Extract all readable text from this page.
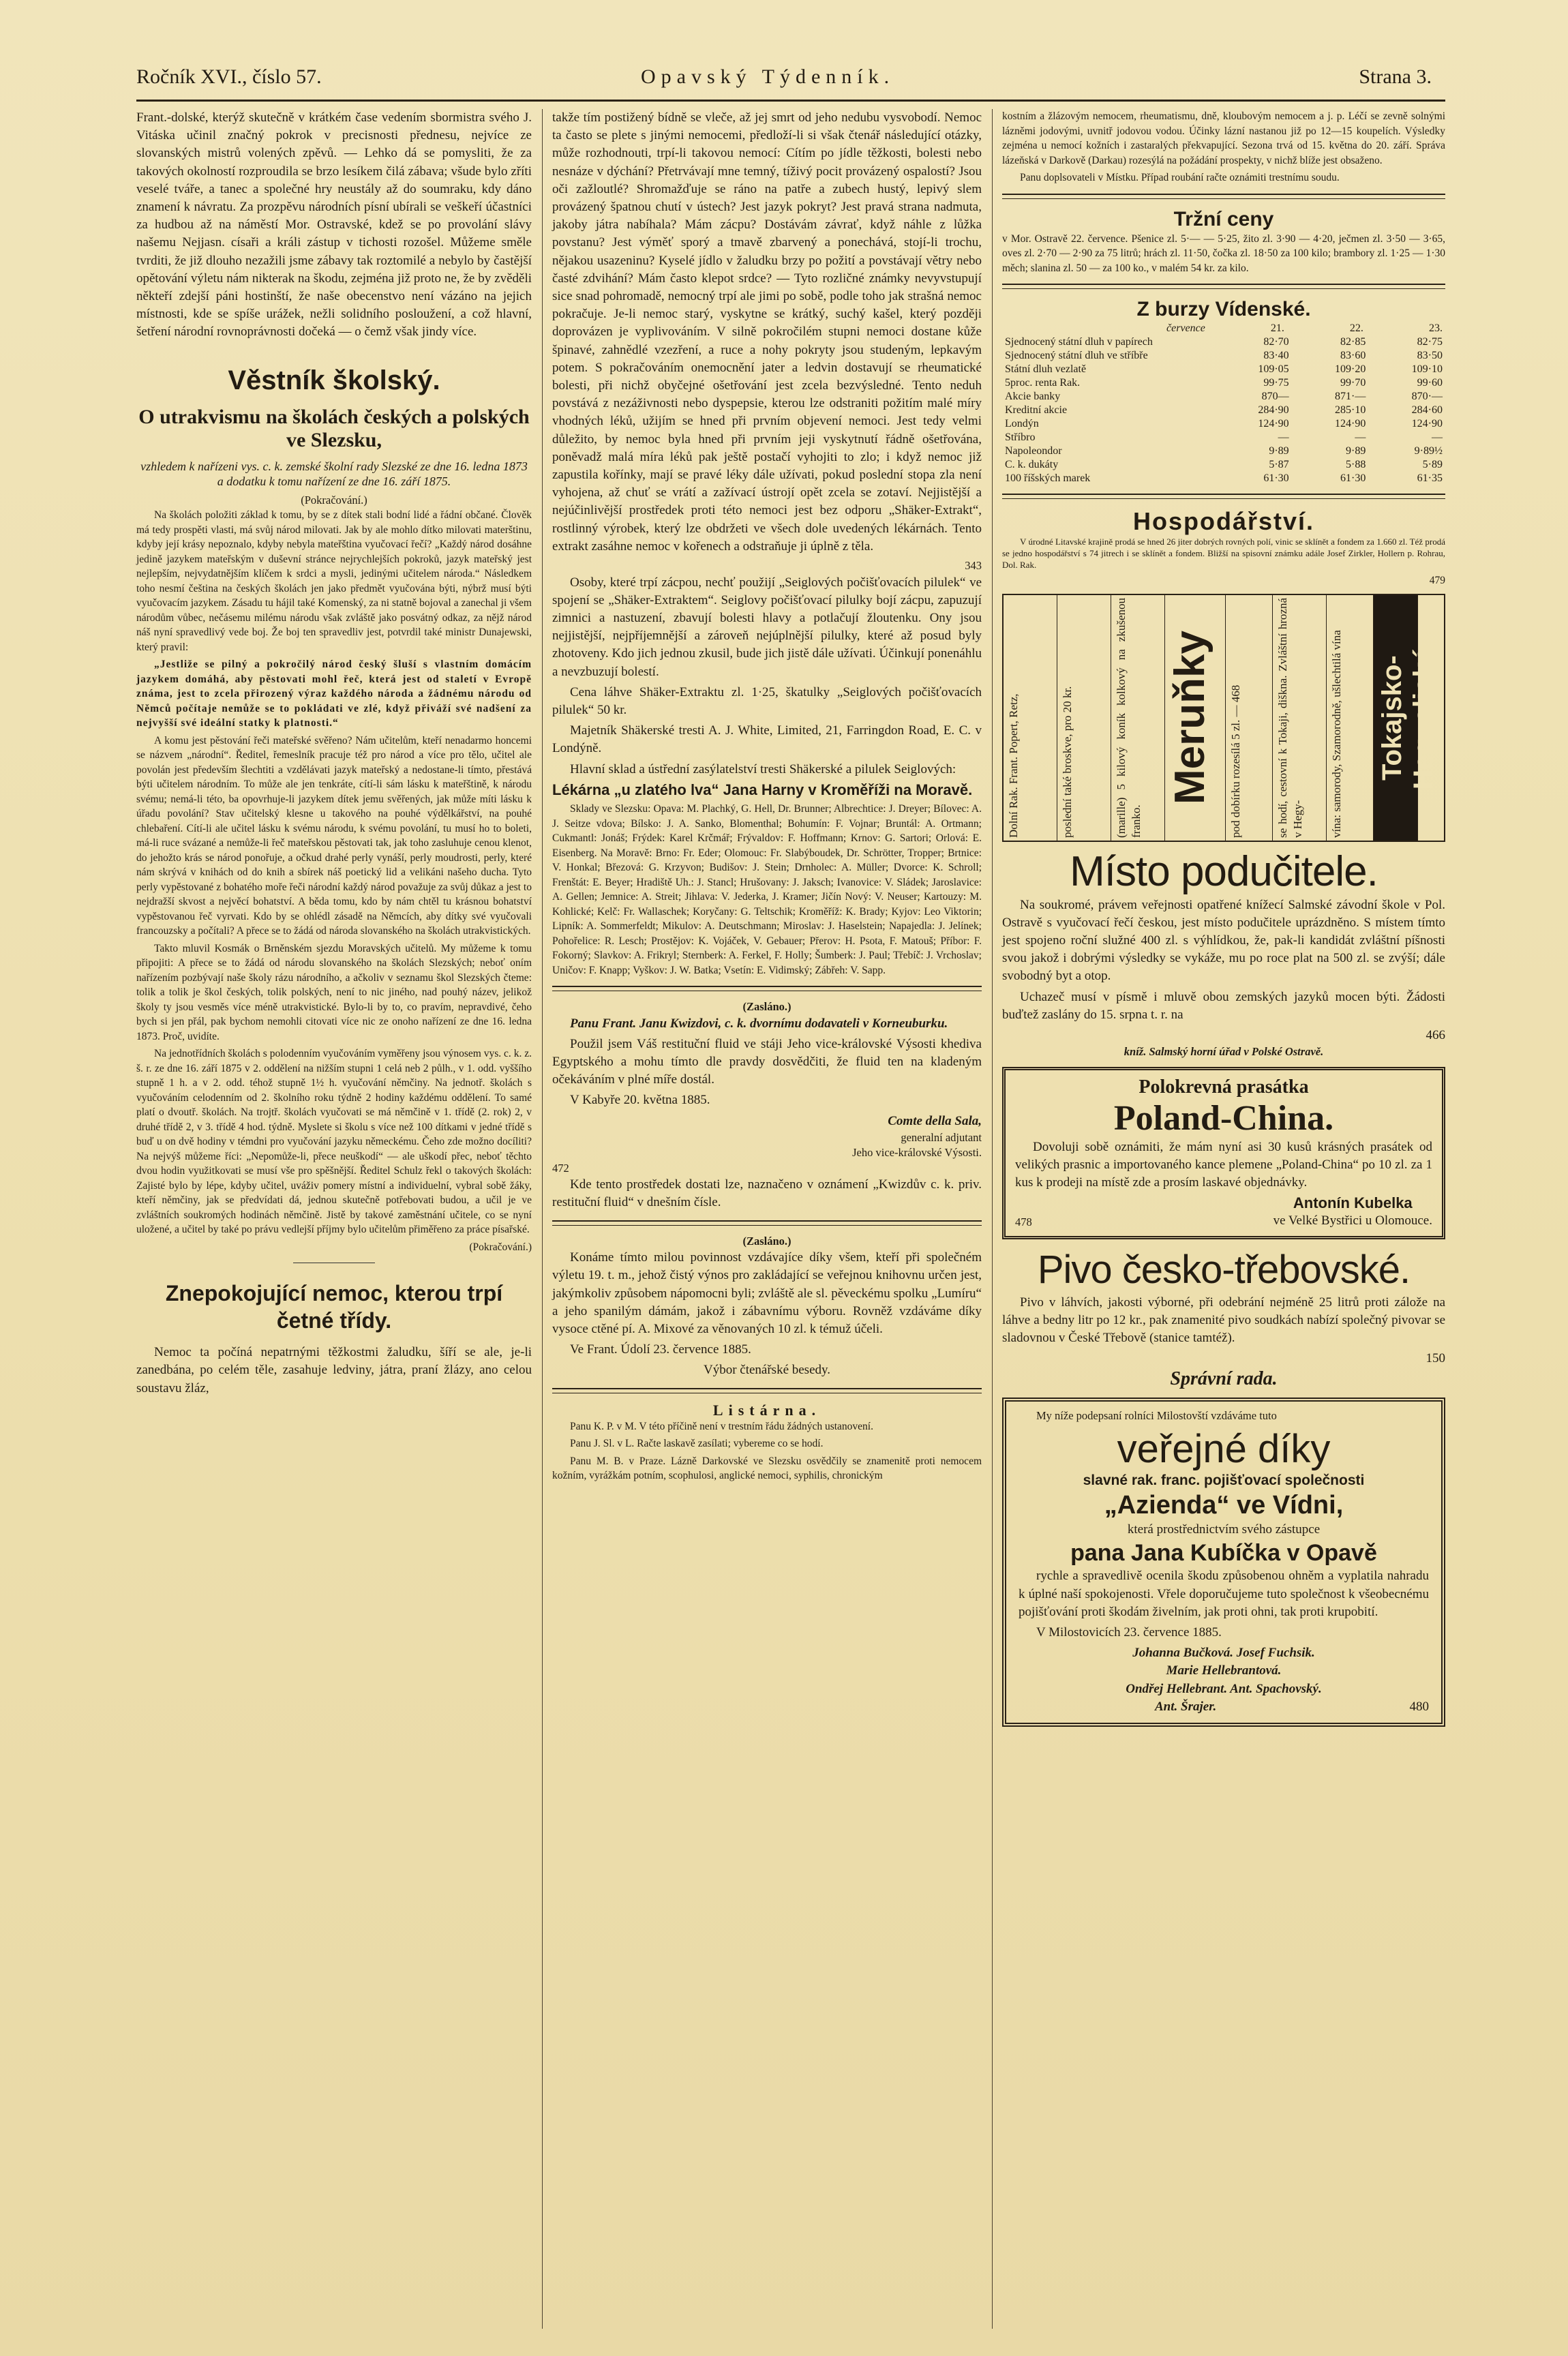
Ročník XVI., číslo 57.	Opavský Týdenník.	Strana 3.

Frant.-dolské, kterýž skutečně v krátkém čase vedením sbormistra svého J. Vitáska učinil značný pokrok v precisnosti přednesu, nejvíce ze slovanských mistrů volených zpěvů. — Lehko dá se pomysliti, že za takových okolností rozproudila se brzo lesíkem čilá zábava; všude bylo zříti veselé tváře, a tanec a společné hry neustály až do soumraku, kdy dáno znamení k návratu. Za prozpěvu národních písní ubírali se veškeří účastníci za hudbou až na náměstí Mor. Ostravské, kdež se po provolání slávy našemu Nejjasn. císaři a králi zástup v tichosti rozošel. Můžeme směle tvrditi, že již dlouho nezažili jsme zábavy tak roztomilé a nebylo by častější opětování výletu nám nikterak na škodu, zejména již proto ne, že by zvěděli někteří zdejší páni hostinští, že naše obecenstvo není vázáno na jejich místnosti, kde se spíše urážek, nežli solidního posloužení, a což hlavní, šetření národní rovnoprávnosti dočeká — o čemž však jindy více.

Věstník školský.
O utrakvismu na školách českých a polských ve Slezsku,
vzhledem k nařízeni vys. c. k. zemské školní rady Slezské ze dne 16. ledna 1873 a dodatku k tomu nařízení ze dne 16. září 1875.
(Pokračování.)

Na školách položiti základ k tomu, by se z dítek stali bodní lidé a řádní občané. Člověk má tedy prospěti vlasti, má svůj národ milovati. Jak by ale mohlo dítko milovati materštinu, kdyby její krásy nepoznalo, kdyby nebyla mateřština vyučovací řečí? „Každý národ dosáhne jedině jazykem mateřským v duševní stránce nejrychlejších pokroků, jazyk mateřský jest nejlepším, nejvydatnějším klíčem k srdci a mysli, jedinými učitelem národa.“ Následkem toho nesmí čeština na českých školách jen jako předmět vyučována býti, nýbrž musí býti vyučovacím jazykem. Zásadu tu hájil také Komenský, za ni statně bojoval a zanechal ji všem národům vůbec, nečásemu milému národu však zvláště jako posvátný odkaz, za nějž národ náš nyní spravedlivý vede boj. Že boj ten spravedliv jest, potvrdil také ministr Dunajewski, který pravil:

„Jestliže se pilný a pokročilý národ český šluší s vlastním domácím jazykem domáhá, aby pěstovati mohl řeč, která jest od staletí v Evropě známa, jest to zcela přirozený výraz každého národa a žádnému národu od Němců počítaje nemůže se to pokládati ve zlé, když přiváží své nadšení za nejvyšší své ideální statky k platnosti.“

A komu jest pěstování řeči mateřské svěřeno? Nám učitelům, kteří nenadarmo honcemi se názvem „národní“. Ředitel, řemeslník pracuje též pro národ a více pro tělo, učitel ale povolán jest především šlechtiti a vzdělávati jazyk mateřský a nedostane-li tímto, přestává býti učitelem národním. To může ale jen tenkráte, cítí-li sám lásku k mateřštině, k národu svému; nemá-li této, ba opovrhuje-li jazykem dítek jemu svěřených, jak může míti lásku k úřadu povolání? Stav učitelský klesne u takového na pouhé výdělkářství, na pouhé chlebaření. Cítí-li ale učitel lásku k svému národu, k svému povolání, tu musí ho to boleti, má-li ruce svázané a nemůže-li řeč mateřskou pěstovati tak, jak toho zasluhuje cenou klenot, do jehožto krás se národ ponořuje, a očkud drahé perly vynáší, perly moudrosti, perly, které nám skrývá v knihách od do knih a sbírek náš poetický lid a velikáni našeho ducha. Tyto perly vypěstované z bohatého moře řeči národní každý národ považuje za svůj důkaz a jest to nejdražší skvost a nejvěcí bohatství. A běda tomu, kdo by nám chtěl tu krásnou bohatství vypěstovanou řeč vyrvati. Kdo by se ohlédl zásadě na Němcích, aby dítky své vyučovali francouzsky a počítali? A přece se to žádá od národa slovanského na školách utrakvistických.

Takto mluvil Kosmák o Brněnském sjezdu Moravských učitelů. My můžeme k tomu připojiti: A přece se to žádá od národu slovanského na školách Slezských; neboť oním nařízením pozbývají naše školy rázu národního, a ačkoliv v seznamu škol Slezských čteme: tolik a tolik je škol českých, tolik polských, není to nic jiného, nad pouhý název, jelikož školy ty jsou vesměs více méně utrakvistické. Bylo-li by to, co pravím, nepravdivé, čeho bych si jen přál, pak bychom nemohli citovati více nic ze onoho nařízení ze dne 16. ledna 1873. Proč, uvidíte.

Na jednotřídních školách s polodenním vyučováním vyměřeny jsou výnosem vys. c. k. z. š. r. ze dne 16. září 1875 v 2. oddělení na nižším stupni 1 celá neb 2 půlh., v 1. odd. vyššího stupně 1 h. a v 2. odd. téhož stupně 1½ h. vyučování němčiny. Na jednotř. školách s vyučováním celodenním od 2. školního roku týdně 2 hodiny každému oddělení. To samé platí o dvoutř. školách. Na trojtř. školách vyučovati se má němčině v 1. třídě (2. rok) 2, v druhé třídě 2, v 3. třídě 4 hod. týdně. Myslete si školu s více než 100 dítkami v jedné třídě s buď u on dvě hodiny v témdni pro vyučování jazyku německému. Čeho zde možno docíliti? Na nejvýš můžeme říci: „Nepomůže-li, přece neuškodí“ — ale uškodí přec, neboť těchto dvou hodin využitkovati se musí vše pro spěšnější. Ředitel Schulz řekl o takových školách: Zajisté bylo by lépe, kdyby učitel, uváživ pomery místní a individuelní, vybral sobě žáky, kteří němčiny, jak se předvídati dá, jednou skutečně potřebovati budou, a učil je ve zvláštních soukromých hodinách němčině. Jistě by takové zaměstnání učitele, co se nyní uložené, a učitel by také po právu vedlejší příjmy bylo učitelům přiměřeno za práce písařské.

(Pokračování.)
Znepokojující nemoc, kterou trpí četné třídy.

Nemoc ta počíná nepatrnými těžkostmi žaludku, šíří se ale, je-li zanedbána, po celém těle, zasahuje ledviny, játra, praní žlázy, ano celou soustavu žláz,

takže tím postižený bídně se vleče, až jej smrt od jeho nedubu vysvobodí. Nemoc ta často se plete s jinými nemocemi, předloží-li si však čtenář následující otázky, může rozhodnouti, trpí-li takovou nemocí: Cítím po jídle těžkosti, bolesti nebo nesnáze v dýchání? Přetrvávají mne temný, tíživý pocit provázený ospalostí? Jsou oči zažloutlé? Shromažďuje se ráno na patře a zubech hustý, lepivý slem provázený špatnou chutí v ústech? Jest jazyk pokryt? Jest pravá strana nadmuta, jakoby játra nabíhala? Mám zácpu? Dostávám závrať, když náhle z lůžka povstanu? Jest výměť sporý a tmavě zbarvený a ponechává, stojí-li trochu, nějakou usazeninu? Kyselé jídlo v žaludku brzy po požití a povstávají větry nebo časté zdvihání? Mám často klepot srdce? — Tyto rozličné známky nevyvstupují sice snad pohromadě, nemocný trpí ale jimi po sobě, podle toho jak strašná nemoc pokračuje. Je-li nemoc starý, vyskytne se krátký, suchý kašel, který později doprovázen je vyplivováním. V silně pokročilém stupni nemoci dostane kůže špinavé, zahnědlé vzezření, a ruce a nohy pokryty jsou studeným, lepkavým potem. S pokračováním onemocnění jater a ledvin dostavují se rheumatické bolesti, při nichž obyčejné ošetřování jest zcela bezvýsledné. Tento neduh povstává z nezáživnosti nebo dyspepsie, kterou lze odstraniti požitím malé míry vhodných léků, užijím se hned při prvním objevení nemoci. Jest tedy velmi důležito, by nemoc byla hned při prvním jeji vyskytnutí řádně ošetřována, poněvadž malá míra léků pak ještě postačí vyhojiti to zlo; i když nemoc již zapustila kořínky, mají se pravé léky dále užívati, pokud poslední stopa zla není vyhojena, až chuť se vrátí a zažívací ústrojí opět zcela se zotaví. Nejjistější a nejúčinlivější prostředek proti této nemoci jest bez odporu „Shäker-Extrakt“, rostlinný výrobek, který lze obdržeti ve všech dole uvedených lékárnách. Tento extrakt zasáhne nemoc v kořenech a odstraňuje ji úplně z těla.

343

Osoby, které trpí zácpou, nechť použijí „Seiglových počišťovacích pilulek“ ve spojení se „Shäker-Extraktem“. Seiglovy počišťovací pilulky bojí zácpu, zapuzují zimnici a nastuzení, zbavují bolesti hlavy a potlačují žloutenku. Ony jsou nejjistější, nejpříjemnější a zároveň nejúplnější pilulky, které až posud byly zhotoveny. Kdo jich jednou zkusil, bude jich jistě dále užívati. Účinkují ponenáhlu a nevzbuzují bolestí.

Cena láhve Shäker-Extraktu zl. 1·25, škatulky „Seiglových počišťovacích pilulek“ 50 kr.

Majetník Shäkerské tresti A. J. White, Limited, 21, Farringdon Road, E. C. v Londýně.

Hlavní sklad a ústřední zasýlatelství tresti Shäkerské a pilulek Seiglových:

Lékárna „u zlatého lva“ Jana Harny v Kroměříži na Moravě.

Sklady ve Slezsku: Opava: M. Plachký, G. Hell, Dr. Brunner; Albrechtice: J. Dreyer; Bílovec: A. J. Seitze vdova; Bílsko: J. A. Sanko, Blomenthal; Bohumín: F. Vojnar; Bruntál: A. Ortmann; Cukmantl: Jonáš; Frýdek: Karel Krčmář; Frývaldov: F. Hoffmann; Krnov: G. Sartori; Orlová: E. Eisenberg. Na Moravě: Brno: Fr. Eder; Olomouc: Fr. Slabýboudek, Dr. Schrötter, Tropper; Brtnice: V. Honkal; Březová: G. Krzyvon; Budišov: J. Stein; Drnholec: A. Müller; Dvorce: K. Schroll; Frenštát: E. Beyer; Hradiště Uh.: J. Stancl; Hrušovany: J. Jaksch; Ivanovice: V. Sládek; Jaroslavice: A. Gellen; Jemnice: A. Streit; Jihlava: V. Jederka, J. Kramer; Jičín Nový: V. Neuser; Kartouzy: M. Kohlické; Kelč: Fr. Wallaschek; Koryčany: G. Teltschik; Kroměříž: K. Brady; Kyjov: Leo Viktorin; Lipník: A. Sommerfeldt; Mikulov: A. Deutschmann; Miroslav: J. Haselstein; Napajedla: J. Jelínek; Pohořelice: R. Lesch; Prostějov: K. Vojáček, V. Gebauer; Přerov: H. Psota, F. Matouš; Příbor: F. Fokorný; Slavkov: A. Frikryl; Sternberk: A. Ferkel, F. Holly; Šumberk: J. Paul; Třebíč: J. Vrchoslav; Uničov: F. Knapp; Vyškov: J. W. Batka; Vsetín: E. Vidimský; Zábřeh: V. Sapp.

(Zasláno.)

Panu Frant. Janu Kwizdovi, c. k. dvornímu dodavateli v Korneuburku.

Použil jsem Váš restituční fluid ve stáji Jeho vice-královské Výsosti khediva Egyptského a mohu tímto dle pravdy dosvědčiti, že fluid ten na kladeným očekáváním v plné míře dostál.

V Kabyře 20. května 1885.

Comte della Sala,
generalní adjutant
Jeho vice-královské Výsosti.
472

Kde tento prostředek dostati lze, naznačeno v oznámení „Kwizdův c. k. priv. restituční fluid“ v dnešním čísle.

(Zasláno.)

Konáme tímto milou povinnost vzdávajíce díky všem, kteří při společném výletu 19. t. m., jehož čistý výnos pro zakládající se veřejnou knihovnu určen jest, jakýmkoliv způsobem nápomocni byli; zvláště ale sl. pěveckému spolku „Lumíru“ a jeho spanilým dámám, jakož i zábavnímu výboru. Rovněž vzdáváme díky vysoce ctěné pí. A. Mixové za věnovaných 10 zl. k témuž účeli.

Ve Frant. Údolí 23. července 1885.

Výbor čtenářské besedy.
Listárna.

Panu K. P. v M. V této příčině není v trestním řádu žádných ustanovení.

Panu J. Sl. v L. Račte laskavě zasílati; vybereme co se hodí.

Panu M. B. v Praze. Lázně Darkovské ve Slezsku osvědčily se znamenitě proti nemocem kožním, vyrážkám potním, scophulosi, anglické nemoci, syphilis, chronickým

kostním a žlázovým nemocem, rheumatismu, dně, kloubovým nemocem a j. p. Léčí se zevně solnými lázněmi jodovými, uvnitř jodovou vodou. Účinky lázní nastanou již po 12—15 koupelích. Výsledky zejména u nemocí kožních i zastaralých překvapující. Sezona trvá od 15. května do 20. září. Správa lázeňská v Darkově (Darkau) rozesýlá na požádání prospekty, v nichž blíže jest obsaženo.

Panu doplsovateli v Místku. Případ roubání račte oznámiti trestnímu soudu.

Tržní ceny

v Mor. Ostravě 22. července. Pšenice zl. 5·— — 5·25, žito zl. 3·90 — 4·20, ječmen zl. 3·50 — 3·65, oves zl. 2·70 — 2·90 za 75 litrů; hrách zl. 11·50, čočka zl. 18·50 za 100 kilo; brambory zl. 1·25 — 1·30 měch; slanina zl. 50 — za 100 ko., v malém 54 kr. za kilo.

Z burzy Vídenské.
	července	21.	22.	23.
Sjednocený státní dluh v papírech	82·70	82·85	82·75
Sjednocený státní dluh ve stříbře	83·40	83·60	83·50
Státní dluh vezlatě	109·05	109·20	109·10
5proc. renta Rak.	99·75	99·70	99·60
Akcie banky	870—	871·—	870·—
Kreditní akcie	284·90	285·10	284·60
Londýn	124·90	124·90	124·90
Stříbro	—	—	—
Napoleondor	9·89	9·89	9·89½
C. k. dukáty	5·87	5·88	5·89
100 říšských marek	61·30	61·30	61·35
Hospodářství.

V úrodné Litavské krajině prodá se hned 26 jiter dobrých rovných polí, vinic se sklínět a fondem za 1.660 zl. Též prodá se jedno hospodářství s 74 jitrech i se sklínět a fondem. Bližší na spisovní známku adále Josef Zirkler, Hollern p. Rohrau, Dol. Rak.

479
Dolní Rak. Frant. Popert, Retz,	poslední také broskve, pro 20 kr.	(marille) 5 kilový koník kolkový na zkušenou franko.
Meruňky	pod dobírku rozesílá 5 zl. — 468	se hodí, cestovní k Tokaji, diškna. Zvláštní hrozná v Hegy-	vína: samorody, Szamorodně, ušlechtilá vína	Tokajsko-Hegyaljské
Místo podučitele.

Na soukromé, právem veřejnosti opatřené knížecí Salmské závodní škole v Pol. Ostravě s vyučovací řečí českou, jest místo podučitele uprázdněno. S místem tímto jest spojeno roční služné 400 zl. s výhlídkou, že, pak-li kandidát zvláštní píšnosti svou jakož i dobrými výsledky se vykáže, mu po roce plat na 500 zl. se zvýší; dále svobodný byt a otop.

Uchazeč musí v písmě i mluvě obou zemských jazyků mocen býti. Žádosti buďtež zaslány do 15. srpna t. r. na

466
kníž. Salmský horní úřad v Polské Ostravě.
Polokrevná prasátka
Poland-China.

Dovoluji sobě oznámiti, že mám nyní asi 30 kusů krásných prasátek od velikých prasnic a importovaného kance plemene „Poland-China“ po 10 zl. za 1 kus k prodeji na místě zde a prosím laskavé objednávky.

478
Antonín Kubelka
ve Velké Bystřici u Olomouce.
Pivo česko-třebovské.

Pivo v láhvích, jakosti výborné, při odebrání nejméně 25 litrů proti zálože na láhve a bedny litr po 12 kr., pak znamenité pivo soudkách nabízí společný pivovar se sladovnou v České Třebově (stanice tamtéž).

150
Správní rada.

My níže podepsaní rolníci Milostovští vzdáváme tuto

veřejné díky
slavné rak. franc. pojišťovací společnosti
„Azienda“ ve Vídni,
která prostřednictvím svého zástupce
pana Jana Kubíčka v Opavě

rychle a spravedlivě ocenila škodu způsobenou ohněm a vyplatila nahradu k úplné naší spokojenosti. Vřele doporučujeme tuto společnost k všeobecnému pojišťování proti škodám živelním, jak proti ohni, tak proti krupobití.

V Milostovicích 23. července 1885.

Johanna Bučková. Josef Fuchsik.
Marie Hellebrantová.
Ondřej Hellebrant. Ant. Spachovský.
Ant. Šrajer.	480
